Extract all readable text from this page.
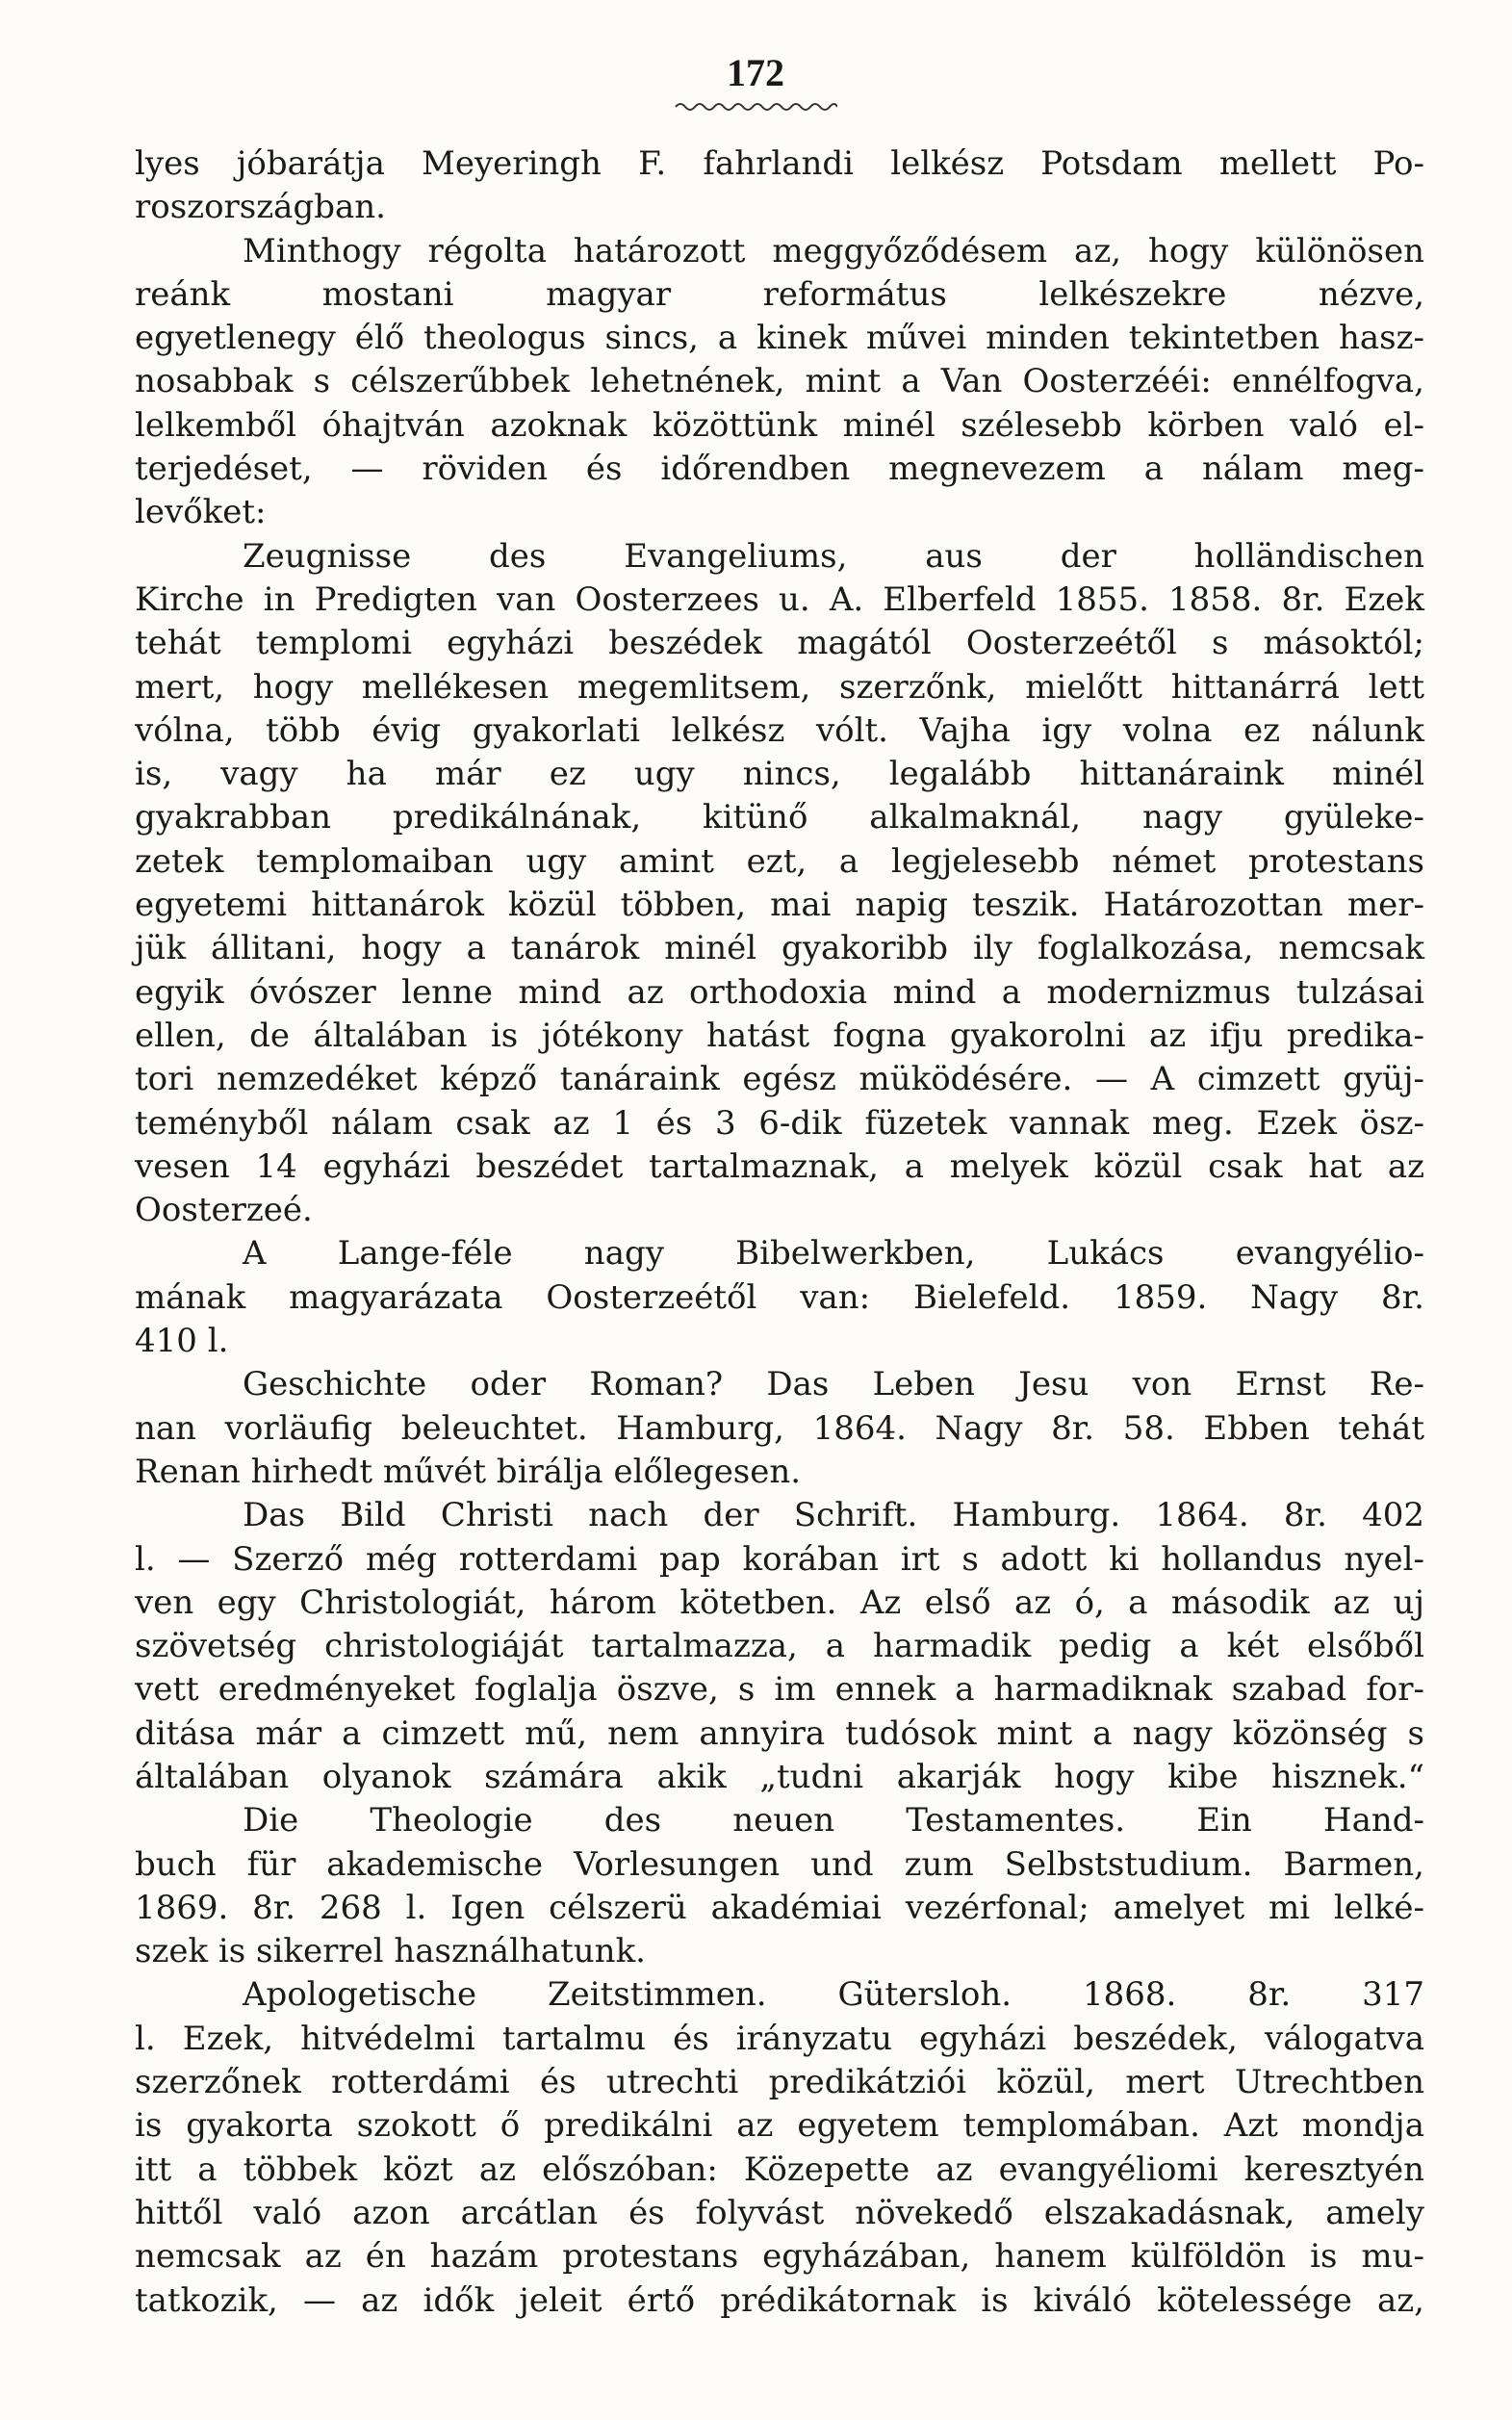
172
lyes jóbarátja Meyeringh F. fahrlandi lelkész Potsdam mellett Po-
roszországban.
Minthogy régolta határozott meggyőződésem az, hogy különösen
reánk mostani magyar református lelkészekre nézve,
egyetlenegy élő theologus sincs, a kinek művei minden tekintetben hasz-
nosabbak s célszerűbbek lehetnének, mint a Van Oosterzééi: ennélfogva,
lelkemből óhajtván azoknak közöttünk minél szélesebb körben való el-
terjedéset, — röviden és időrendben megnevezem a nálam meg-
levőket:
Zeugnisse des Evangeliums, aus der holländischen
Kirche in Predigten van Oosterzees u. A. Elberfeld 1855. 1858. 8r. Ezek
tehát templomi egyházi beszédek magától Oosterzeétől s másoktól;
mert, hogy mellékesen megemlitsem, szerzőnk, mielőtt hittanárrá lett
vólna, több évig gyakorlati lelkész vólt. Vajha igy volna ez nálunk
is, vagy ha már ez ugy nincs, legalább hittanáraink minél
gyakrabban predikálnának, kitünő alkalmaknál, nagy gyüleke-
zetek templomaiban ugy amint ezt, a legjelesebb német protestans
egyetemi hittanárok közül többen, mai napig teszik. Határozottan mer-
jük állitani, hogy a tanárok minél gyakoribb ily foglalkozása, nemcsak
egyik óvószer lenne mind az orthodoxia mind a modernizmus tulzásai
ellen, de általában is jótékony hatást fogna gyakorolni az ifju predika-
tori nemzedéket képző tanáraink egész müködésére. — A cimzett gyüj-
teményből nálam csak az 1 és 3 6-dik füzetek vannak meg. Ezek ösz-
vesen 14 egyházi beszédet tartalmaznak, a melyek közül csak hat az
Oosterzeé.
A Lange-féle nagy Bibelwerkben, Lukács evangyélio-
mának magyarázata Oosterzeétől van: Bielefeld. 1859. Nagy 8r.
410 l.
Geschichte oder Roman? Das Leben Jesu von Ernst Re-
nan vorläufig beleuchtet. Hamburg, 1864. Nagy 8r. 58. Ebben tehát
Renan hirhedt művét birálja előlegesen.
Das Bild Christi nach der Schrift. Hamburg. 1864. 8r. 402
l. — Szerző még rotterdami pap korában irt s adott ki hollandus nyel-
ven egy Christologiát, három kötetben. Az első az ó, a második az uj
szövetség christologiáját tartalmazza, a harmadik pedig a két elsőből
vett eredményeket foglalja öszve, s im ennek a harmadiknak szabad for-
ditása már a cimzett mű, nem annyira tudósok mint a nagy közönség s
általában olyanok számára akik „tudni akarják hogy kibe hisznek.“
Die Theologie des neuen Testamentes. Ein Hand-
buch für akademische Vorlesungen und zum Selbststudium. Barmen,
1869. 8r. 268 l. Igen célszerü akadémiai vezérfonal; amelyet mi lelké-
szek is sikerrel használhatunk.
Apologetische Zeitstimmen. Gütersloh. 1868. 8r. 317
l. Ezek, hitvédelmi tartalmu és irányzatu egyházi beszédek, válogatva
szerzőnek rotterdámi és utrechti predikátziói közül, mert Utrechtben
is gyakorta szokott ő predikálni az egyetem templomában. Azt mondja
itt a többek közt az előszóban: Közepette az evangyéliomi keresztyén
hittől való azon arcátlan és folyvást növekedő elszakadásnak, amely
nemcsak az én hazám protestans egyházában, hanem külföldön is mu-
tatkozik, — az idők jeleit értő prédikátornak is kiváló kötelessége az,
